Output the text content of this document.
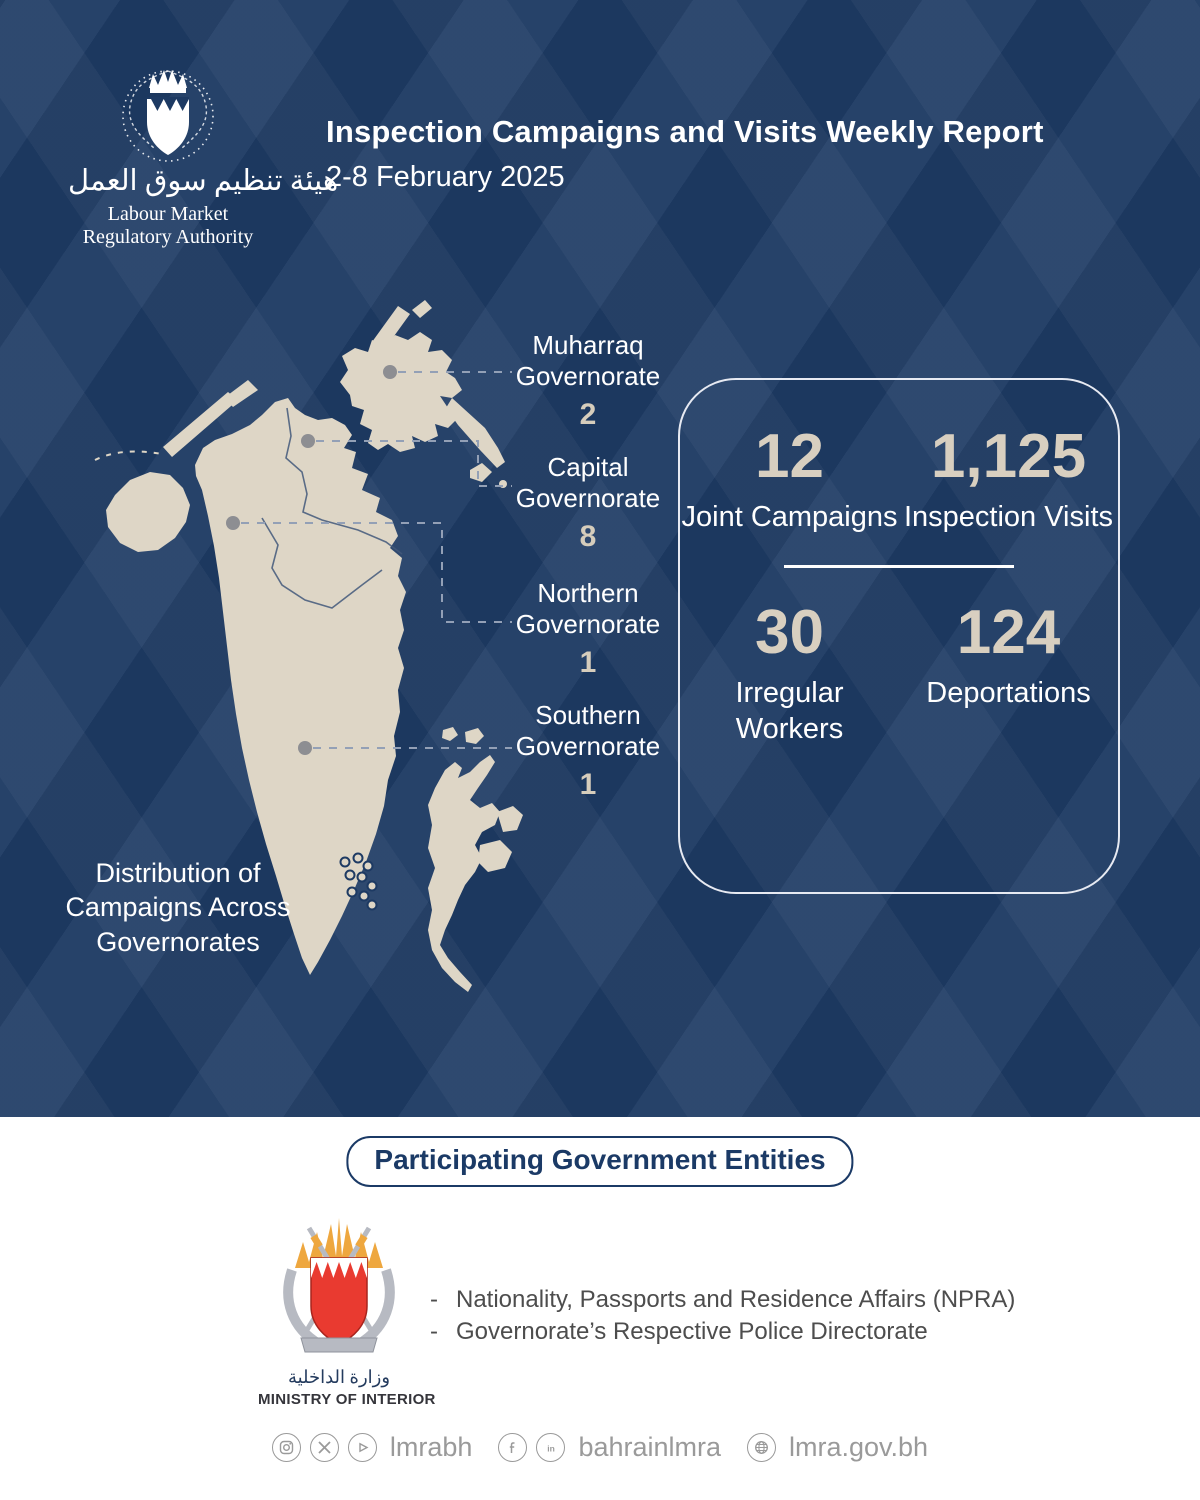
هيئة تنظيم سوق العمل
Labour Market
Regulatory Authority
Inspection Campaigns and Visits Weekly Report
2-8 February 2025
Muharraq Governorate
2
Capital Governorate
8
Northern Governorate
1
Southern Governorate
1
Distribution of Campaigns Across Governorates
12
Joint Campaigns
1,125
Inspection Visits
30
Irregular Workers
124
Deportations
Participating Government Entities
وزارة الداخلية
MINISTRY OF INTERIOR
- Nationality, Passports and Residence Affairs (NPRA)
- Governorate’s Respective Police Directorate
lmrabh	in bahrainlmra	lmra.gov.bh
